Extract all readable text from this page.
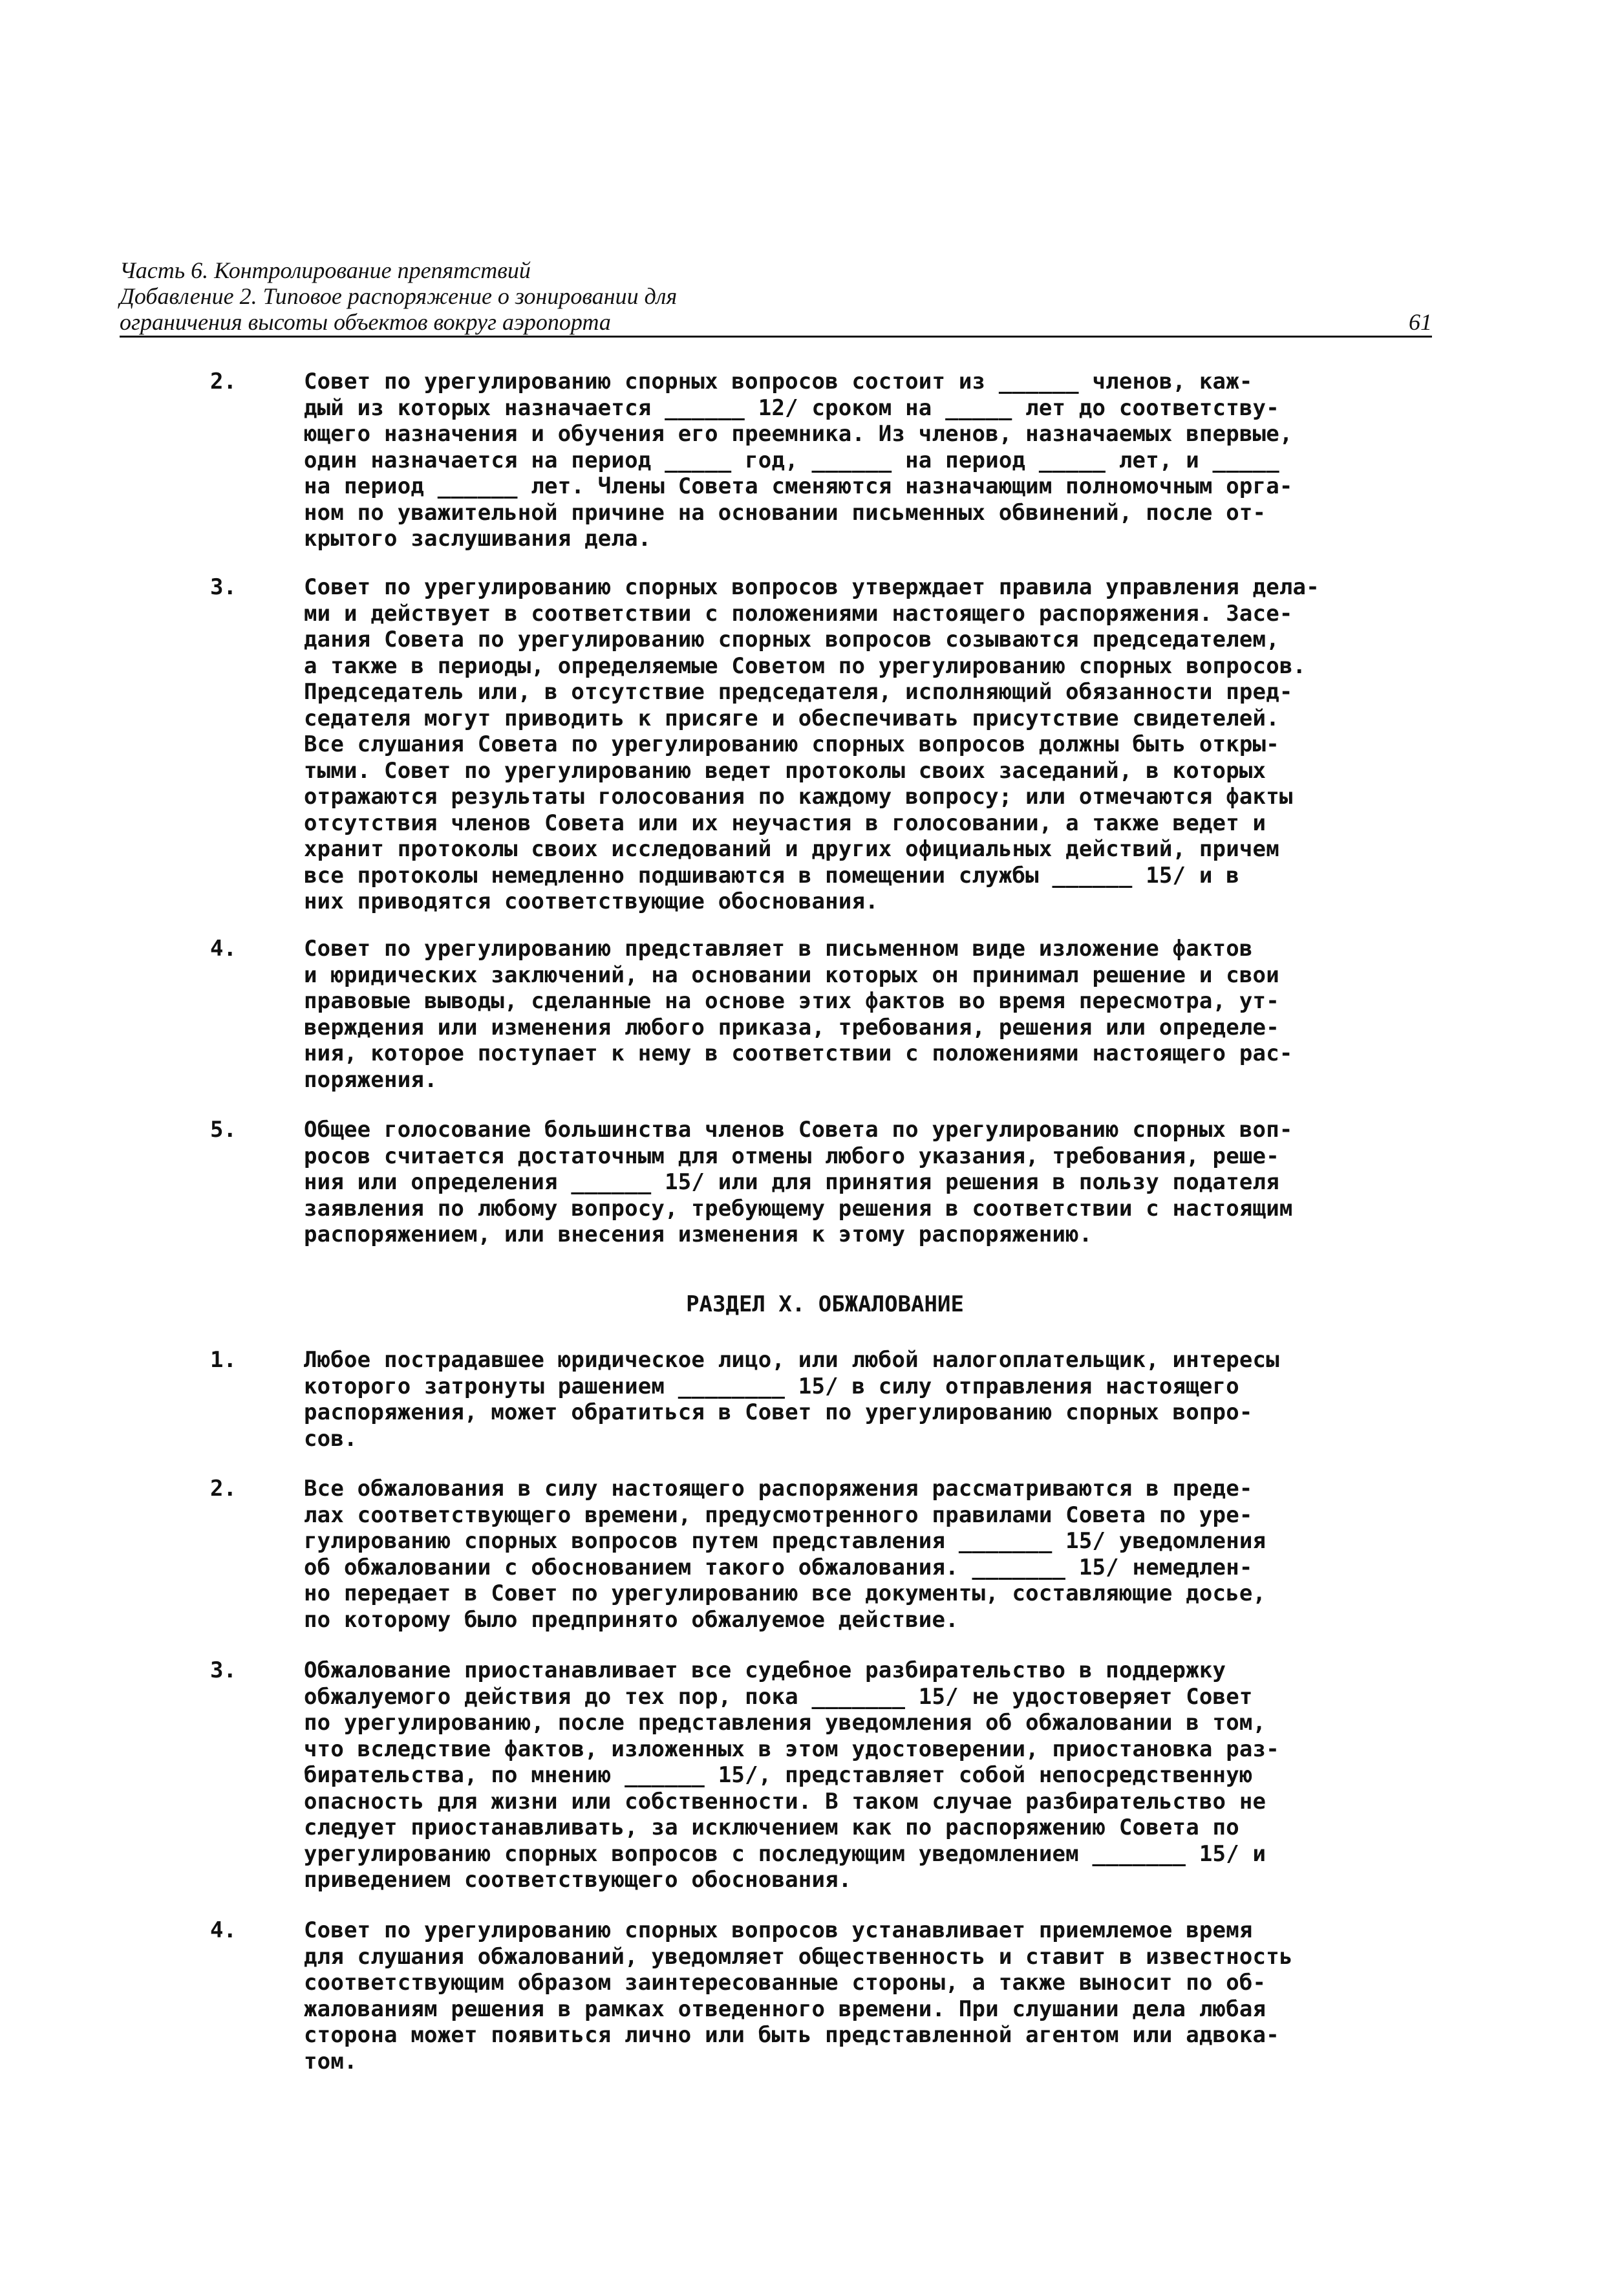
Часть 6. Контролирование препятствий
Добавление 2. Типовое распоряжение о зонировании для
ограничения высоты объектов вокруг аэропорта	61
2.	Совет по урегулированию спорных вопросов состоит из ______ членов, каж-
дый из которых назначается ______ 12/ сроком на _____ лет до соответству-
ющего назначения и обучения его преемника. Из членов, назначаемых впервые,
один назначается на период _____ год, ______ на период _____ лет, и _____
на период ______ лет. Члены Совета сменяются назначающим полномочным орга-
ном по уважительной причине на основании письменных обвинений, после от-
крытого заслушивания дела.
3.	Совет по урегулированию спорных вопросов утверждает правила управления дела-
ми и действует в соответствии с положениями настоящего распоряжения. Засе-
дания Совета по урегулированию спорных вопросов созываются председателем,
а также в периоды, определяемые Советом по урегулированию спорных вопросов.
Председатель или, в отсутствие председателя, исполняющий обязанности пред-
седателя могут приводить к присяге и обеспечивать присутствие свидетелей.
Все слушания Совета по урегулированию спорных вопросов должны быть откры-
тыми. Совет по урегулированию ведет протоколы своих заседаний, в которых
отражаются результаты голосования по каждому вопросу; или отмечаются факты
отсутствия членов Совета или их неучастия в голосовании, а также ведет и
хранит протоколы своих исследований и других официальных действий, причем
все протоколы немедленно подшиваются в помещении службы ______ 15/ и в
них приводятся соответствующие обоснования.
4.	Совет по урегулированию представляет в письменном виде изложение фактов
и юридических заключений, на основании которых он принимал решение и свои
правовые выводы, сделанные на основе этих фактов во время пересмотра, ут-
верждения или изменения любого приказа, требования, решения или определе-
ния, которое поступает к нему в соответствии с положениями настоящего рас-
поряжения.
5.	Общее голосование большинства членов Совета по урегулированию спорных воп-
росов считается достаточным для отмены любого указания, требования, реше-
ния или определения ______ 15/ или для принятия решения в пользу подателя
заявления по любому вопросу, требующему решения в соответствии с настоящим
распоряжением, или внесения изменения к этому распоряжению.
РАЗДЕЛ X. ОБЖАЛОВАНИЕ
1.	Любое пострадавшее юридическое лицо, или любой налогоплательщик, интересы
которого затронуты рашением ________ 15/ в силу отправления настоящего
распоряжения, может обратиться в Совет по урегулированию спорных вопро-
сов.
2.	Все обжалования в силу настоящего распоряжения рассматриваются в преде-
лах соответствующего времени, предусмотренного правилами Совета по уре-
гулированию спорных вопросов путем представления _______ 15/ уведомления
об обжаловании с обоснованием такого обжалования. _______ 15/ немедлен-
но передает в Совет по урегулированию все документы, составляющие досье,
по которому было предпринято обжалуемое действие.
3.	Обжалование приостанавливает все судебное разбирательство в поддержку
обжалуемого действия до тех пор, пока _______ 15/ не удостоверяет Совет
по урегулированию, после представления уведомления об обжаловании в том,
что вследствие фактов, изложенных в этом удостоверении, приостановка раз-
бирательства, по мнению ______ 15/, представляет собой непосредственную
опасность для жизни или собственности. В таком случае разбирательство не
следует приостанавливать, за исключением как по распоряжению Совета по
урегулированию спорных вопросов с последующим уведомлением _______ 15/ и
приведением соответствующего обоснования.
4.	Совет по урегулированию спорных вопросов устанавливает приемлемое время
для слушания обжалований, уведомляет общественность и ставит в известность
соответствующим образом заинтересованные стороны, а также выносит по об-
жалованиям решения в рамках отведенного времени. При слушании дела любая
сторона может появиться лично или быть представленной агентом или адвока-
том.
